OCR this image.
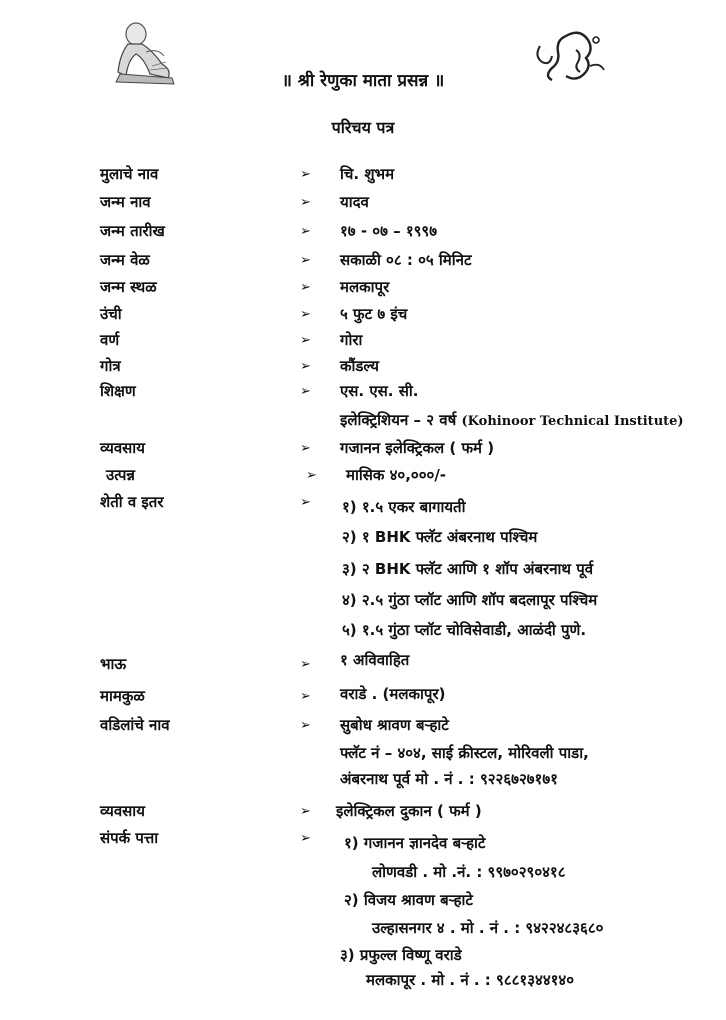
॥ श्री रेणुका माता प्रसन्न ॥
परिचय पत्र
मुलाचे नाव	➢ चि. शुभम
जन्म नाव	➢ यादव
जन्म तारीख	➢ १७ - ०७ – १९९७
जन्म वेळ	➢ सकाळी ०८ : ०५ मिनिट
जन्म स्थळ	➢ मलकापूर
उंची	➢ ५ फुट ७ इंच
वर्ण	➢ गोरा
गोत्र	➢ कौंडल्य
शिक्षण	➢ एस. एस. सी.
इलेक्ट्रिशियन – २ वर्ष (Kohinoor Technical Institute)
व्यवसाय	➢ गजानन इलेक्ट्रिकल ( फर्म )
उत्पन्न	➢ मासिक ४०,०००/-
शेती व इतर	➢ १) १.५ एकर बागायती
२) १ BHK फ्लॅट अंबरनाथ पश्चिम
३) २ BHK फ्लॅट आणि १ शॉप अंबरनाथ पूर्व
४) २.५ गुंठा प्लॉट आणि शॉप बदलापूर पश्चिम
५) १.५ गुंठा प्लॉट चोविसेवाडी, आळंदी पुणे.
भाऊ	➢ १ अविवाहित
मामकुळ	➢ वराडे . (मलकापूर)
वडिलांचे नाव	➢ सुबोध श्रावण बऱ्हाटे
फ्लॅट नं – ४०४, साई क्रीस्टल, मोरिवली पाडा,
अंबरनाथ पूर्व मो . नं . : ९२२६७२७१७१
व्यवसाय	➢ इलेक्ट्रिकल दुकान ( फर्म )
संपर्क पत्ता	➢ १) गजानन ज्ञानदेव बऱ्हाटे
लोणवडी . मो .नं. : ९९७०२९०४१८
२) विजय श्रावण बऱ्हाटे
उल्हासनगर ४ . मो . नं . : ९४२२४८३६८०
३) प्रफुल्ल विष्णू वराडे
मलकापूर . मो . नं . : ९८८१३४४१४०
